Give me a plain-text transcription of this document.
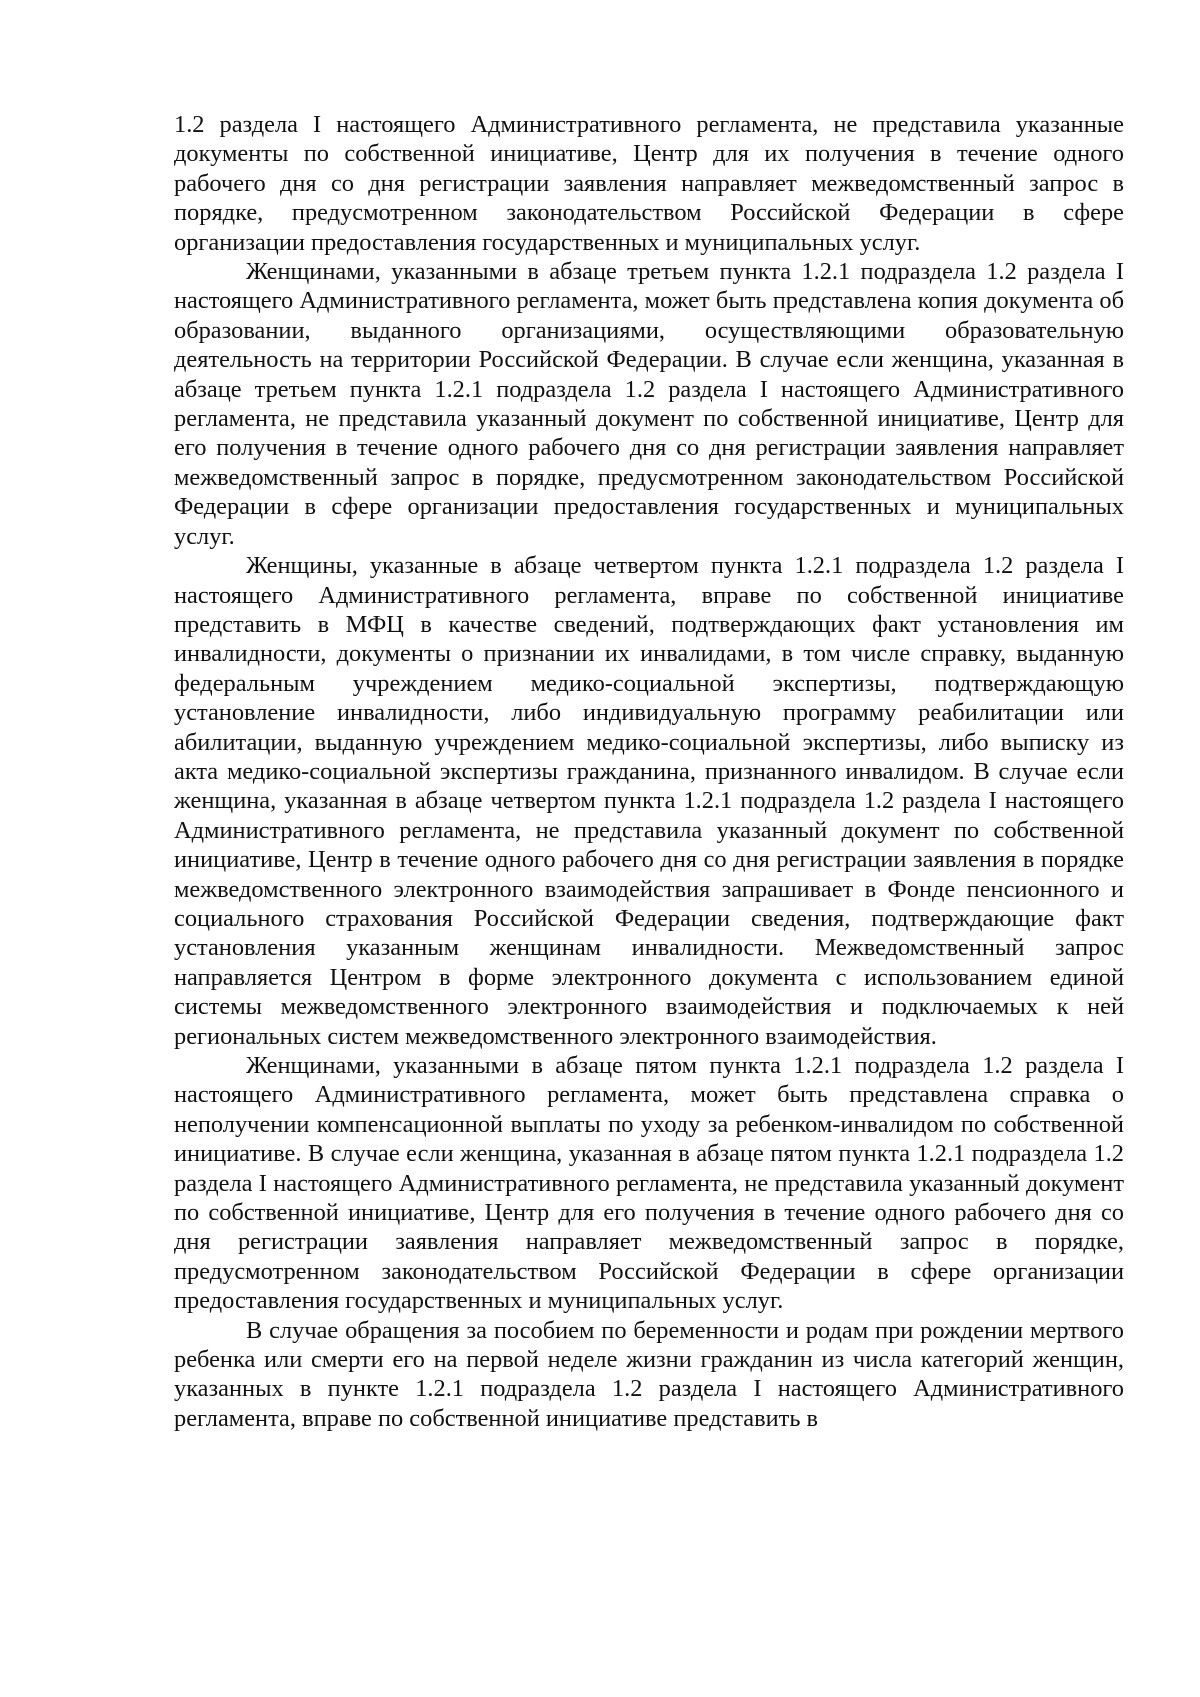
1.2 раздела I настоящего Административного регламента, не представила указанные документы по собственной инициативе, Центр для их получения в течение одного рабочего дня со дня регистрации заявления направляет межведомственный запрос в порядке, предусмотренном законодательством Российской Федерации в сфере организации предоставления государственных и муниципальных услуг.

Женщинами, указанными в абзаце третьем пункта 1.2.1 подраздела 1.2 раздела I настоящего Административного регламента, может быть представлена копия документа об образовании, выданного организациями, осуществляющими образовательную деятельность на территории Российской Федерации. В случае если женщина, указанная в абзаце третьем пункта 1.2.1 подраздела 1.2 раздела I настоящего Административного регламента, не представила указанный документ по собственной инициативе, Центр для его получения в течение одного рабочего дня со дня регистрации заявления направляет межведомственный запрос в порядке, предусмотренном законодательством Российской Федерации в сфере организации предоставления государственных и муниципальных услуг.

Женщины, указанные в абзаце четвертом пункта 1.2.1 подраздела 1.2 раздела I настоящего Административного регламента, вправе по собственной инициативе представить в МФЦ в качестве сведений, подтверждающих факт установления им инвалидности, документы о признании их инвалидами, в том числе справку, выданную федеральным учреждением медико-социальной экспертизы, подтверждающую установление инвалидности, либо индивидуальную программу реабилитации или абилитации, выданную учреждением медико-социальной экспертизы, либо выписку из акта медико-социальной экспертизы гражданина, признанного инвалидом. В случае если женщина, указанная в абзаце четвертом пункта 1.2.1 подраздела 1.2 раздела I настоящего Административного регламента, не представила указанный документ по собственной инициативе, Центр в течение одного рабочего дня со дня регистрации заявления в порядке межведомственного электронного взаимодействия запрашивает в Фонде пенсионного и социального страхования Российской Федерации сведения, подтверждающие факт установления указанным женщинам инвалидности. Межведомственный запрос направляется Центром в форме электронного документа с использованием единой системы межведомственного электронного взаимодействия и подключаемых к ней региональных систем межведомственного электронного взаимодействия.

Женщинами, указанными в абзаце пятом пункта 1.2.1 подраздела 1.2 раздела I настоящего Административного регламента, может быть представлена справка о неполучении компенсационной выплаты по уходу за ребенком-инвалидом по собственной инициативе. В случае если женщина, указанная в абзаце пятом пункта 1.2.1 подраздела 1.2 раздела I настоящего Административного регламента, не представила указанный документ по собственной инициативе, Центр для его получения в течение одного рабочего дня со дня регистрации заявления направляет межведомственный запрос в порядке, предусмотренном законодательством Российской Федерации в сфере организации предоставления государственных и муниципальных услуг.

В случае обращения за пособием по беременности и родам при рождении мертвого ребенка или смерти его на первой неделе жизни гражданин из числа категорий женщин, указанных в пункте 1.2.1 подраздела 1.2 раздела I настоящего Административного регламента, вправе по собственной инициативе представить в
